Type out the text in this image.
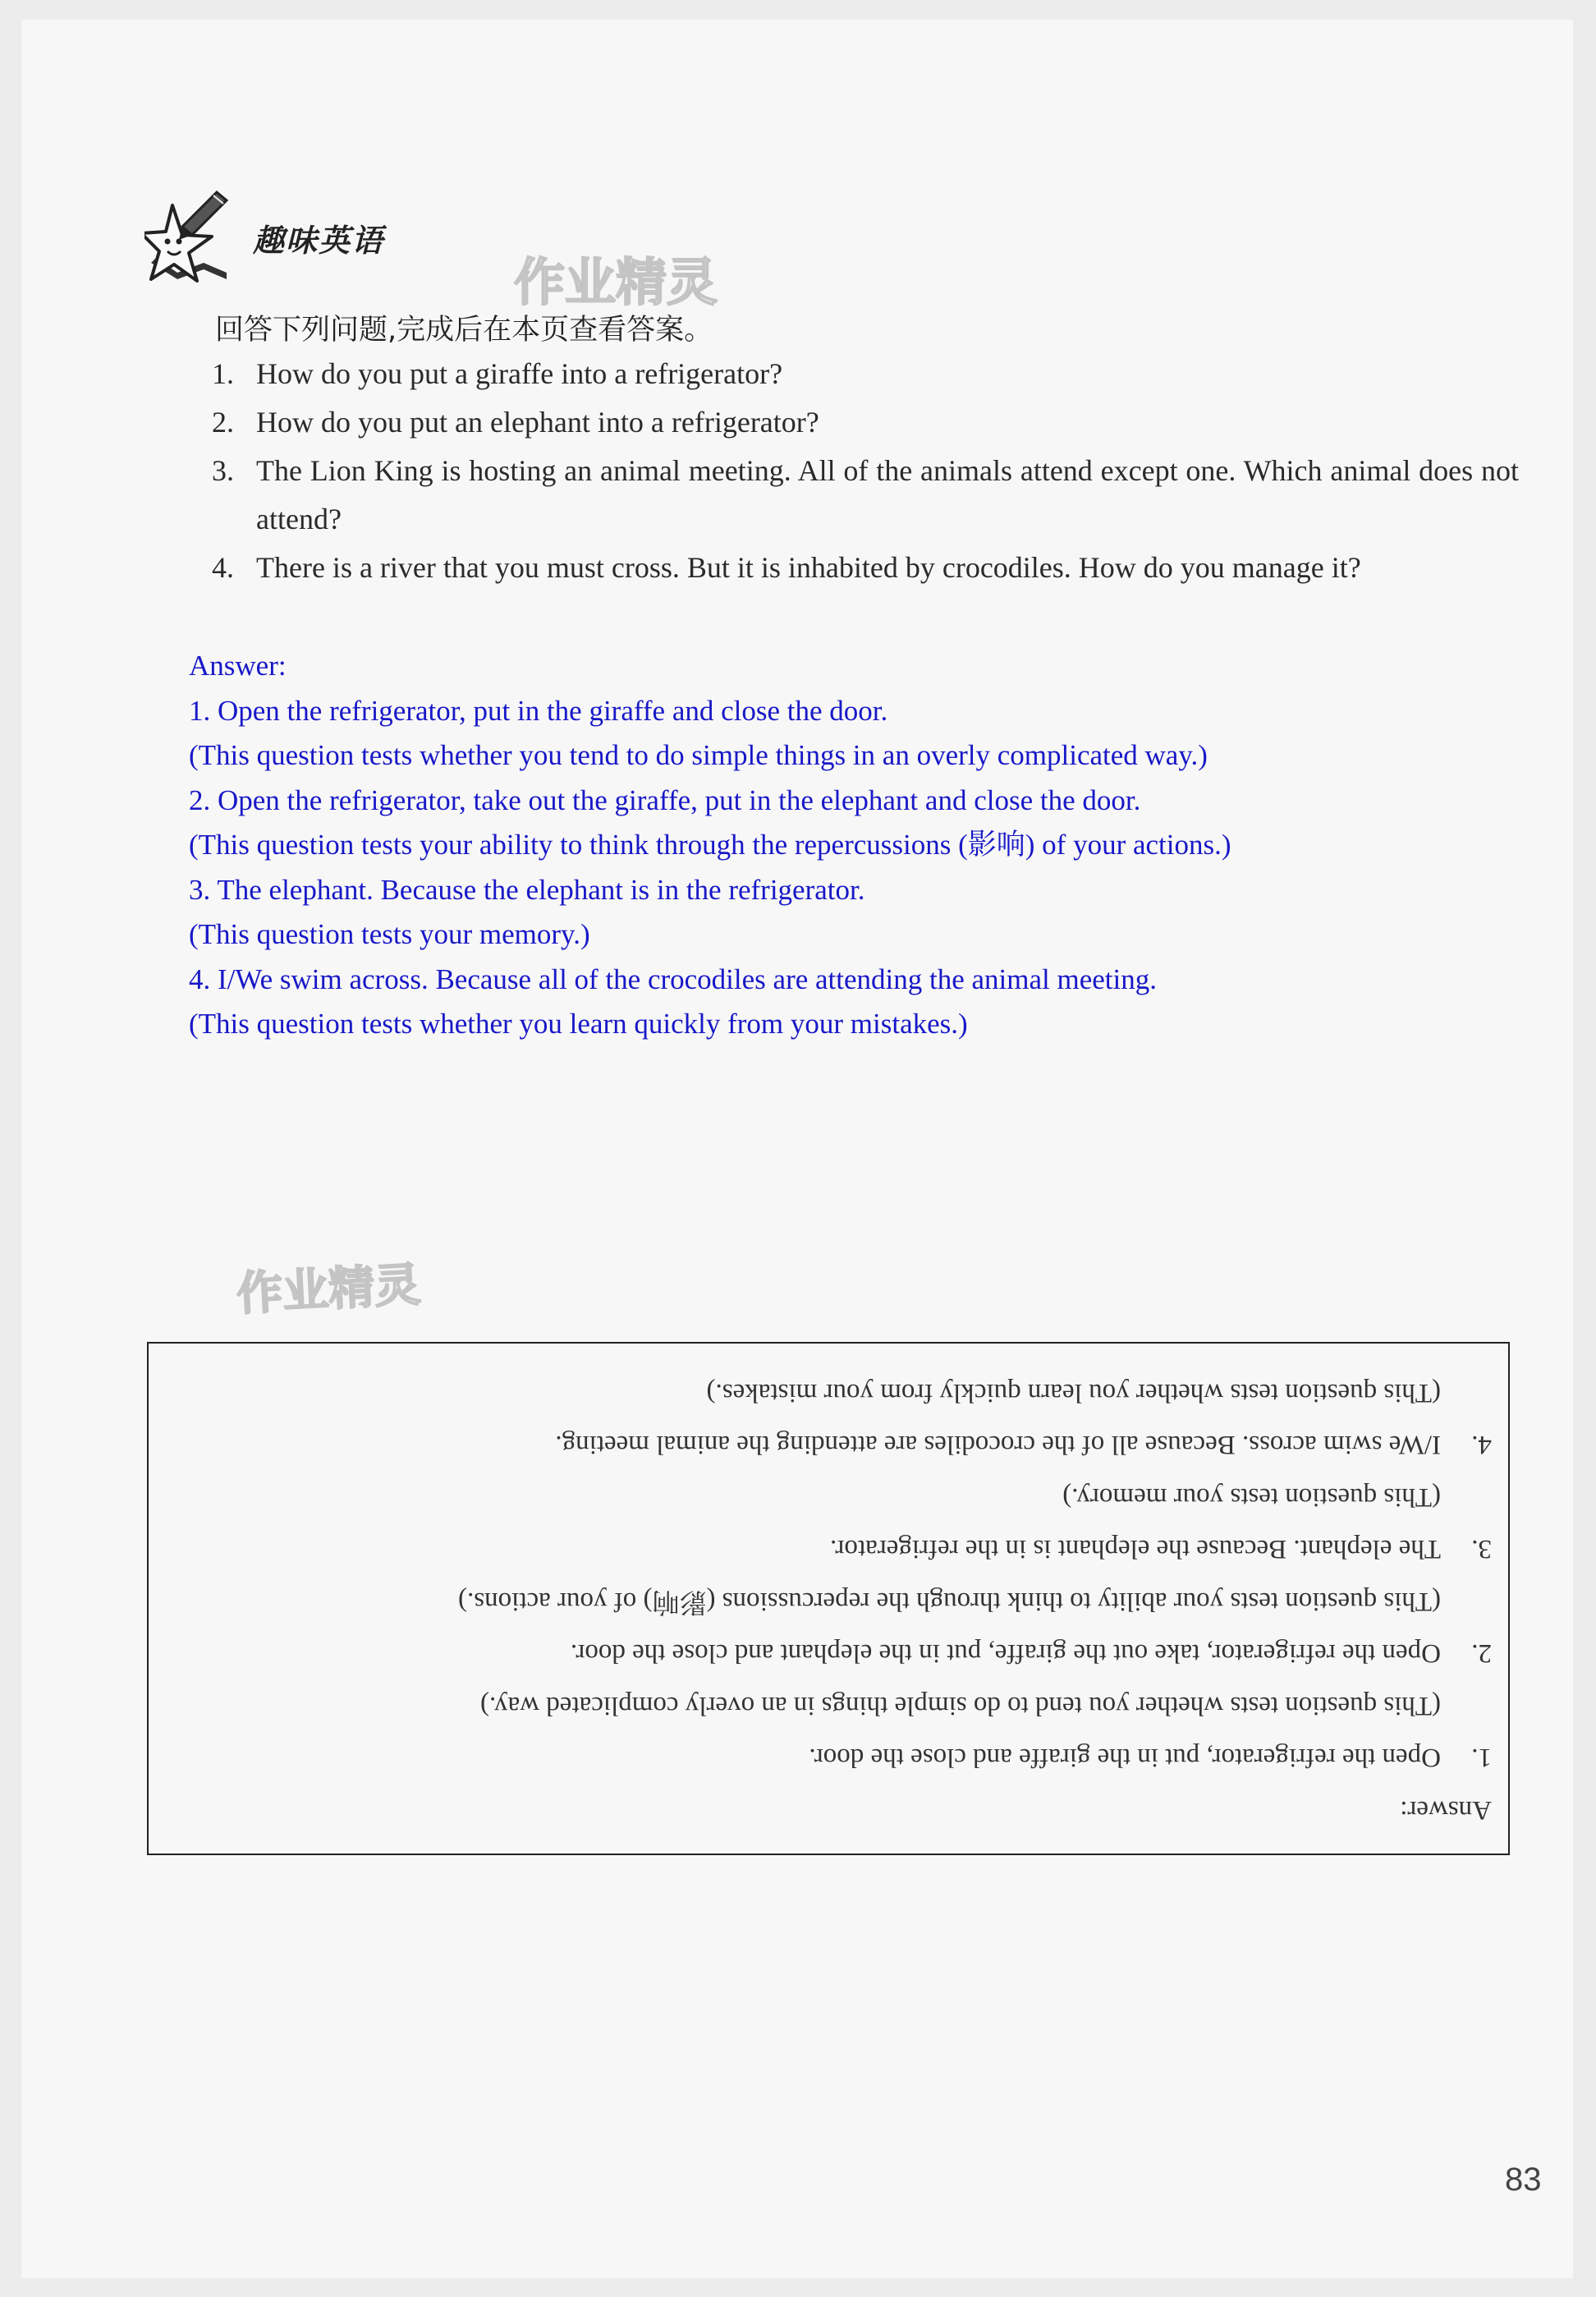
趣味英语
作业精灵
作业精灵
回答下列问题,完成后在本页查看答案。
1. How do you put a giraffe into a refrigerator?
2. How do you put an elephant into a refrigerator?
3. The Lion King is hosting an animal meeting. All of the animals attend except one. Which animal does not attend?
4. There is a river that you must cross. But it is inhabited by crocodiles. How do you manage it?
Answer:
1. Open the refrigerator, put in the giraffe and close the door.
(This question tests whether you tend to do simple things in an overly complicated way.)
2. Open the refrigerator, take out the giraffe, put in the elephant and close the door.
(This question tests your ability to think through the repercussions (影响) of your actions.)
3. The elephant. Because the elephant is in the refrigerator.
(This question tests your memory.)
4. I/We swim across. Because all of the crocodiles are attending the animal meeting.
(This question tests whether you learn quickly from your mistakes.)
Answer:
1.Open the refrigerator, put in the giraffe and close the door.
(This question tests whether you tend to do simple things in an overly complicated way.)
2.Open the refrigerator, take out the giraffe, put in the elephant and close the door.
(This question tests your ability to think through the repercussions (影响) of your actions.)
3.The elephant. Because the elephant is in the refrigerator.
(This question tests your memory.)
4.I/We swim across. Because all of the crocodiles are attending the animal meeting.
(This question tests whether you learn quickly from your mistakes.)
83
